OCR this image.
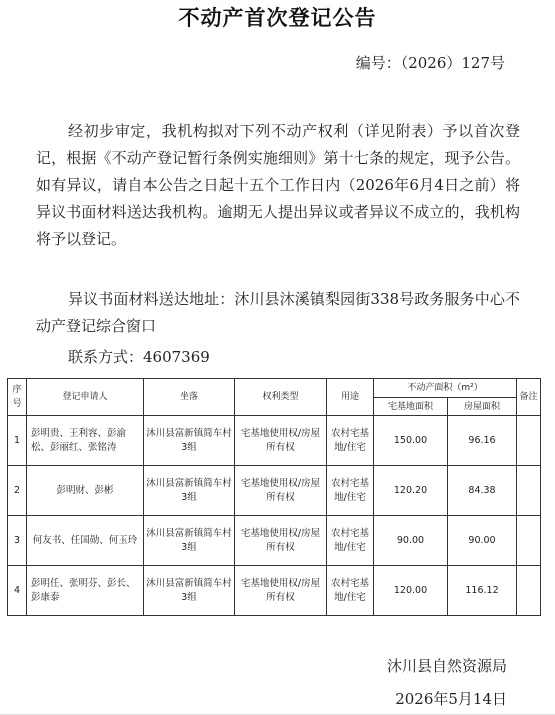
不动产首次登记公告
编号：（2026）127号

经初步审定，我机构拟对下列不动产权利（详见附表）予以首次登记，根据《不动产登记暂行条例实施细则》第十七条的规定，现予公告。如有异议，请自本公告之日起十五个工作日内（2026年6月4日之前）将异议书面材料送达我机构。逾期无人提出异议或者异议不成立的，我机构将予以登记。

异议书面材料送达地址：沐川县沐溪镇梨园街338号政务服务中心不动产登记综合窗口

联系方式：4607369
序号	登记申请人	坐落	权利类型	用途	不动产面积（m²）		备注
					宅基地面积	房屋面积	
1	彭明贵、王利容、彭渝松、彭丽红、张铭涛	沐川县富新镇简车村3组	宅基地使用权/房屋所有权	农村宅基地/住宅	150.00	96.16	
2	彭明财、彭彬	沐川县富新镇简车村3组	宅基地使用权/房屋所有权	农村宅基地/住宅	120.20	84.38	
3	何友书、任国勋、何玉玲	沐川县富新镇简车村3组	宅基地使用权/房屋所有权	农村宅基地/住宅	90.00	90.00	
4	彭明任、张明芬、彭长、彭康泰	沐川县富新镇简车村3组	宅基地使用权/房屋所有权	农村宅基地/住宅	120.00	116.12	
沐川县自然资源局
2026年5月14日
